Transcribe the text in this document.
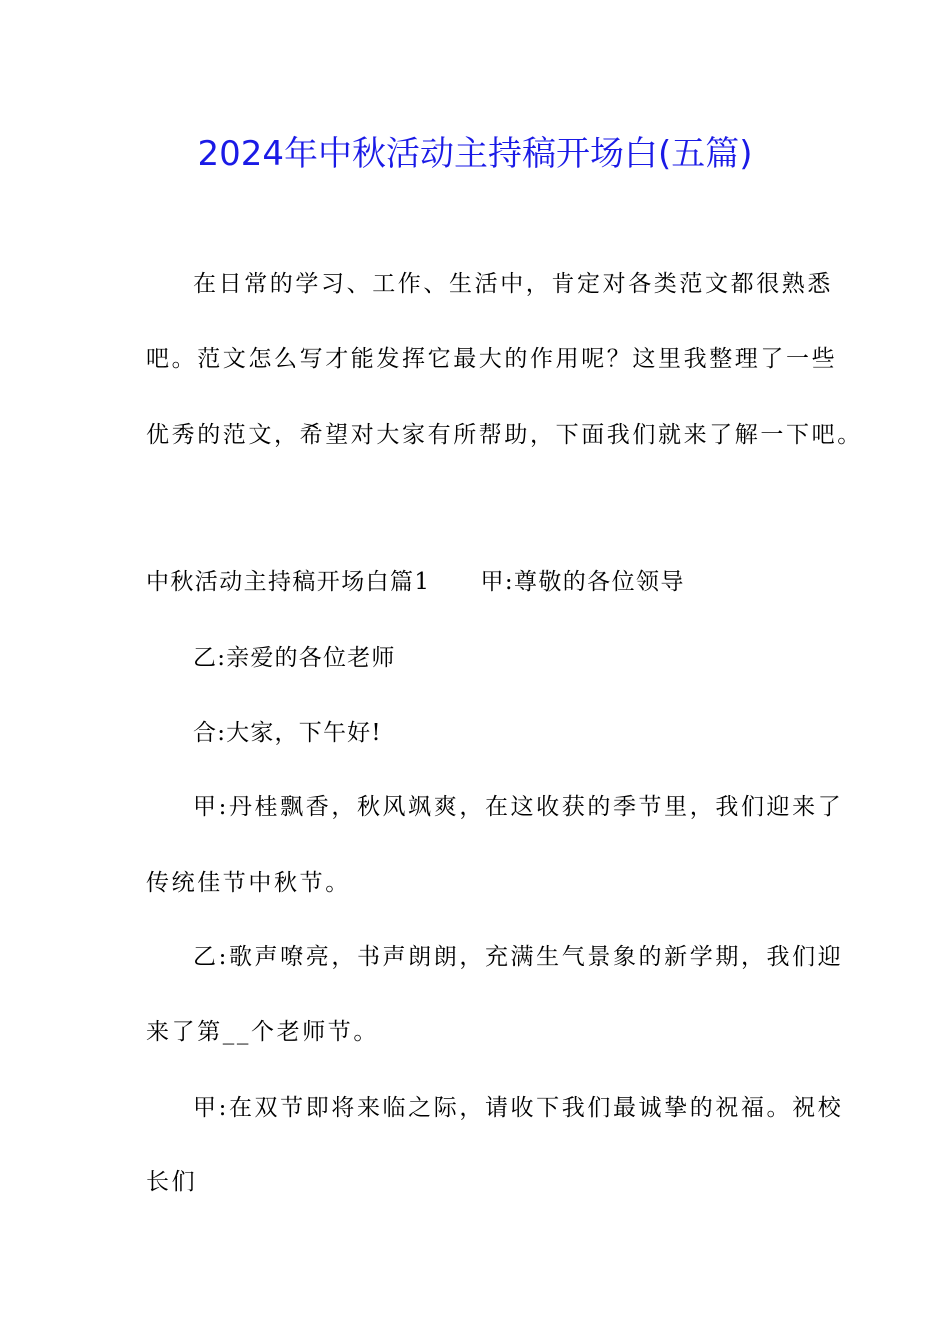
2024年中秋活动主持稿开场白(五篇)
在日常的学习、工作、生活中，肯定对各类范文都很熟悉
吧。范文怎么写才能发挥它最大的作用呢？这里我整理了一些
优秀的范文，希望对大家有所帮助，下面我们就来了解一下吧。
中秋活动主持稿开场白篇1 甲:尊敬的各位领导
乙:亲爱的各位老师
合:大家，下午好!
甲:丹桂飘香，秋风飒爽，在这收获的季节里，我们迎来了
传统佳节中秋节。
乙:歌声嘹亮，书声朗朗，充满生气景象的新学期，我们迎
来了第__个老师节。
甲:在双节即将来临之际，请收下我们最诚挚的祝福。祝校
长们
